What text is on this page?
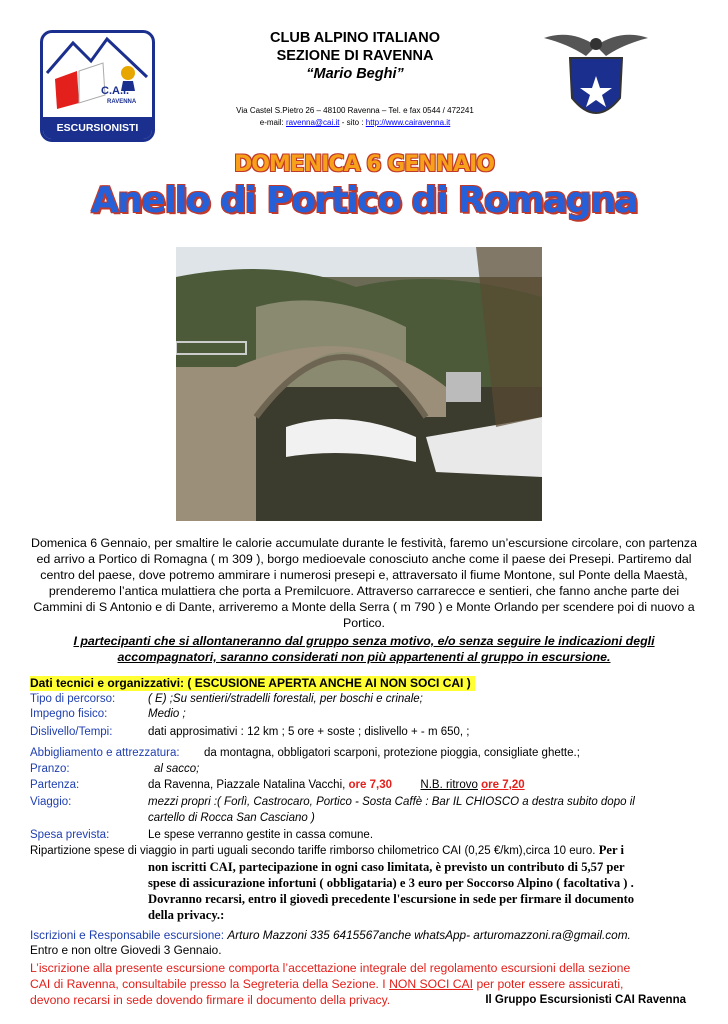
C.A.I.
RAVENNA
ESCURSIONISTI
CLUB ALPINO ITALIANO
SEZIONE DI RAVENNA
“Mario Beghi”
Via Castel S.Pietro 26 – 48100 Ravenna – Tel. e fax 0544 / 472241
e-mail: ravenna@cai.it - sito : http://www.cairavenna.it
DOMENICA 6 GENNAIO
Anello di Portico di Romagna
Domenica 6 Gennaio, per smaltire le calorie accumulate durante le festività, faremo un’escursione circolare, con partenza ed arrivo a Portico di Romagna ( m 309 ), borgo medioevale conosciuto anche come il paese dei Presepi. Partiremo dal centro del paese, dove potremo ammirare i numerosi presepi e, attraversato il fiume Montone, sul Ponte della Maestà, prenderemo l’antica mulattiera che porta a Premilcuore. Attraverso carrarecce e sentieri, che fanno anche parte dei Cammini di S Antonio e di Dante, arriveremo a Monte della Serra ( m 790 ) e Monte Orlando per scendere poi di nuovo a Portico.
I partecipanti che si allontaneranno dal gruppo senza motivo, e/o senza seguire le indicazioni degli accompagnatori, saranno considerati non più appartenenti al gruppo in escursione.
Dati tecnici e organizzativi: ( ESCUSIONE APERTA ANCHE AI NON SOCI CAI )
Tipo di percorso:	( E) ;Su sentieri/stradelli forestali, per boschi e crinale;
Impegno fisico:	Medio ;
Dislivello/Tempi:	dati approsimativi : 12 km ; 5 ore + soste ; dislivello + - m 650, ;
Abbigliamento e attrezzatura: da montagna, obbligatori scarponi, protezione pioggia, consigliate ghette.;
Pranzo:	al sacco;
Partenza:	da Ravenna, Piazzale Natalina Vacchi, ore 7,30 N.B. ritrovo ore 7,20
Viaggio:	mezzi propri :( Forlì, Castrocaro, Portico - Sosta Caffè : Bar IL CHIOSCO a destra subito dopo il
cartello di Rocca San Casciano )
Spesa prevista:	Le spese verranno gestite in cassa comune.
Ripartizione spese di viaggio in parti uguali secondo tariffe rimborso chilometrico CAI (0,25 €/km),circa 10 euro. Per i
non iscritti CAI, partecipazione in ogni caso limitata, è previsto un contributo di 5,57 per
spese di assicurazione infortuni ( obbligataria) e 3 euro per Soccorso Alpino ( facoltativa ) .
Dovranno recarsi, entro il giovedì precedente l'escursione in sede per firmare il documento
della privacy.:
Iscrizioni e Responsabile escursione: Arturo Mazzoni 335 6415567anche whatsApp- arturomazzoni.ra@gmail.com.
Entro e non oltre Giovedi 3 Gennaio.
L’iscrizione alla presente escursione comporta l’accettazione integrale del regolamento escursioni della sezione
CAI di Ravenna, consultabile presso la Segreteria della Sezione. I NON SOCI CAI per poter essere assicurati,
devono recarsi in sede dovendo firmare il documento della privacy.	Il Gruppo Escursionisti CAI Ravenna
